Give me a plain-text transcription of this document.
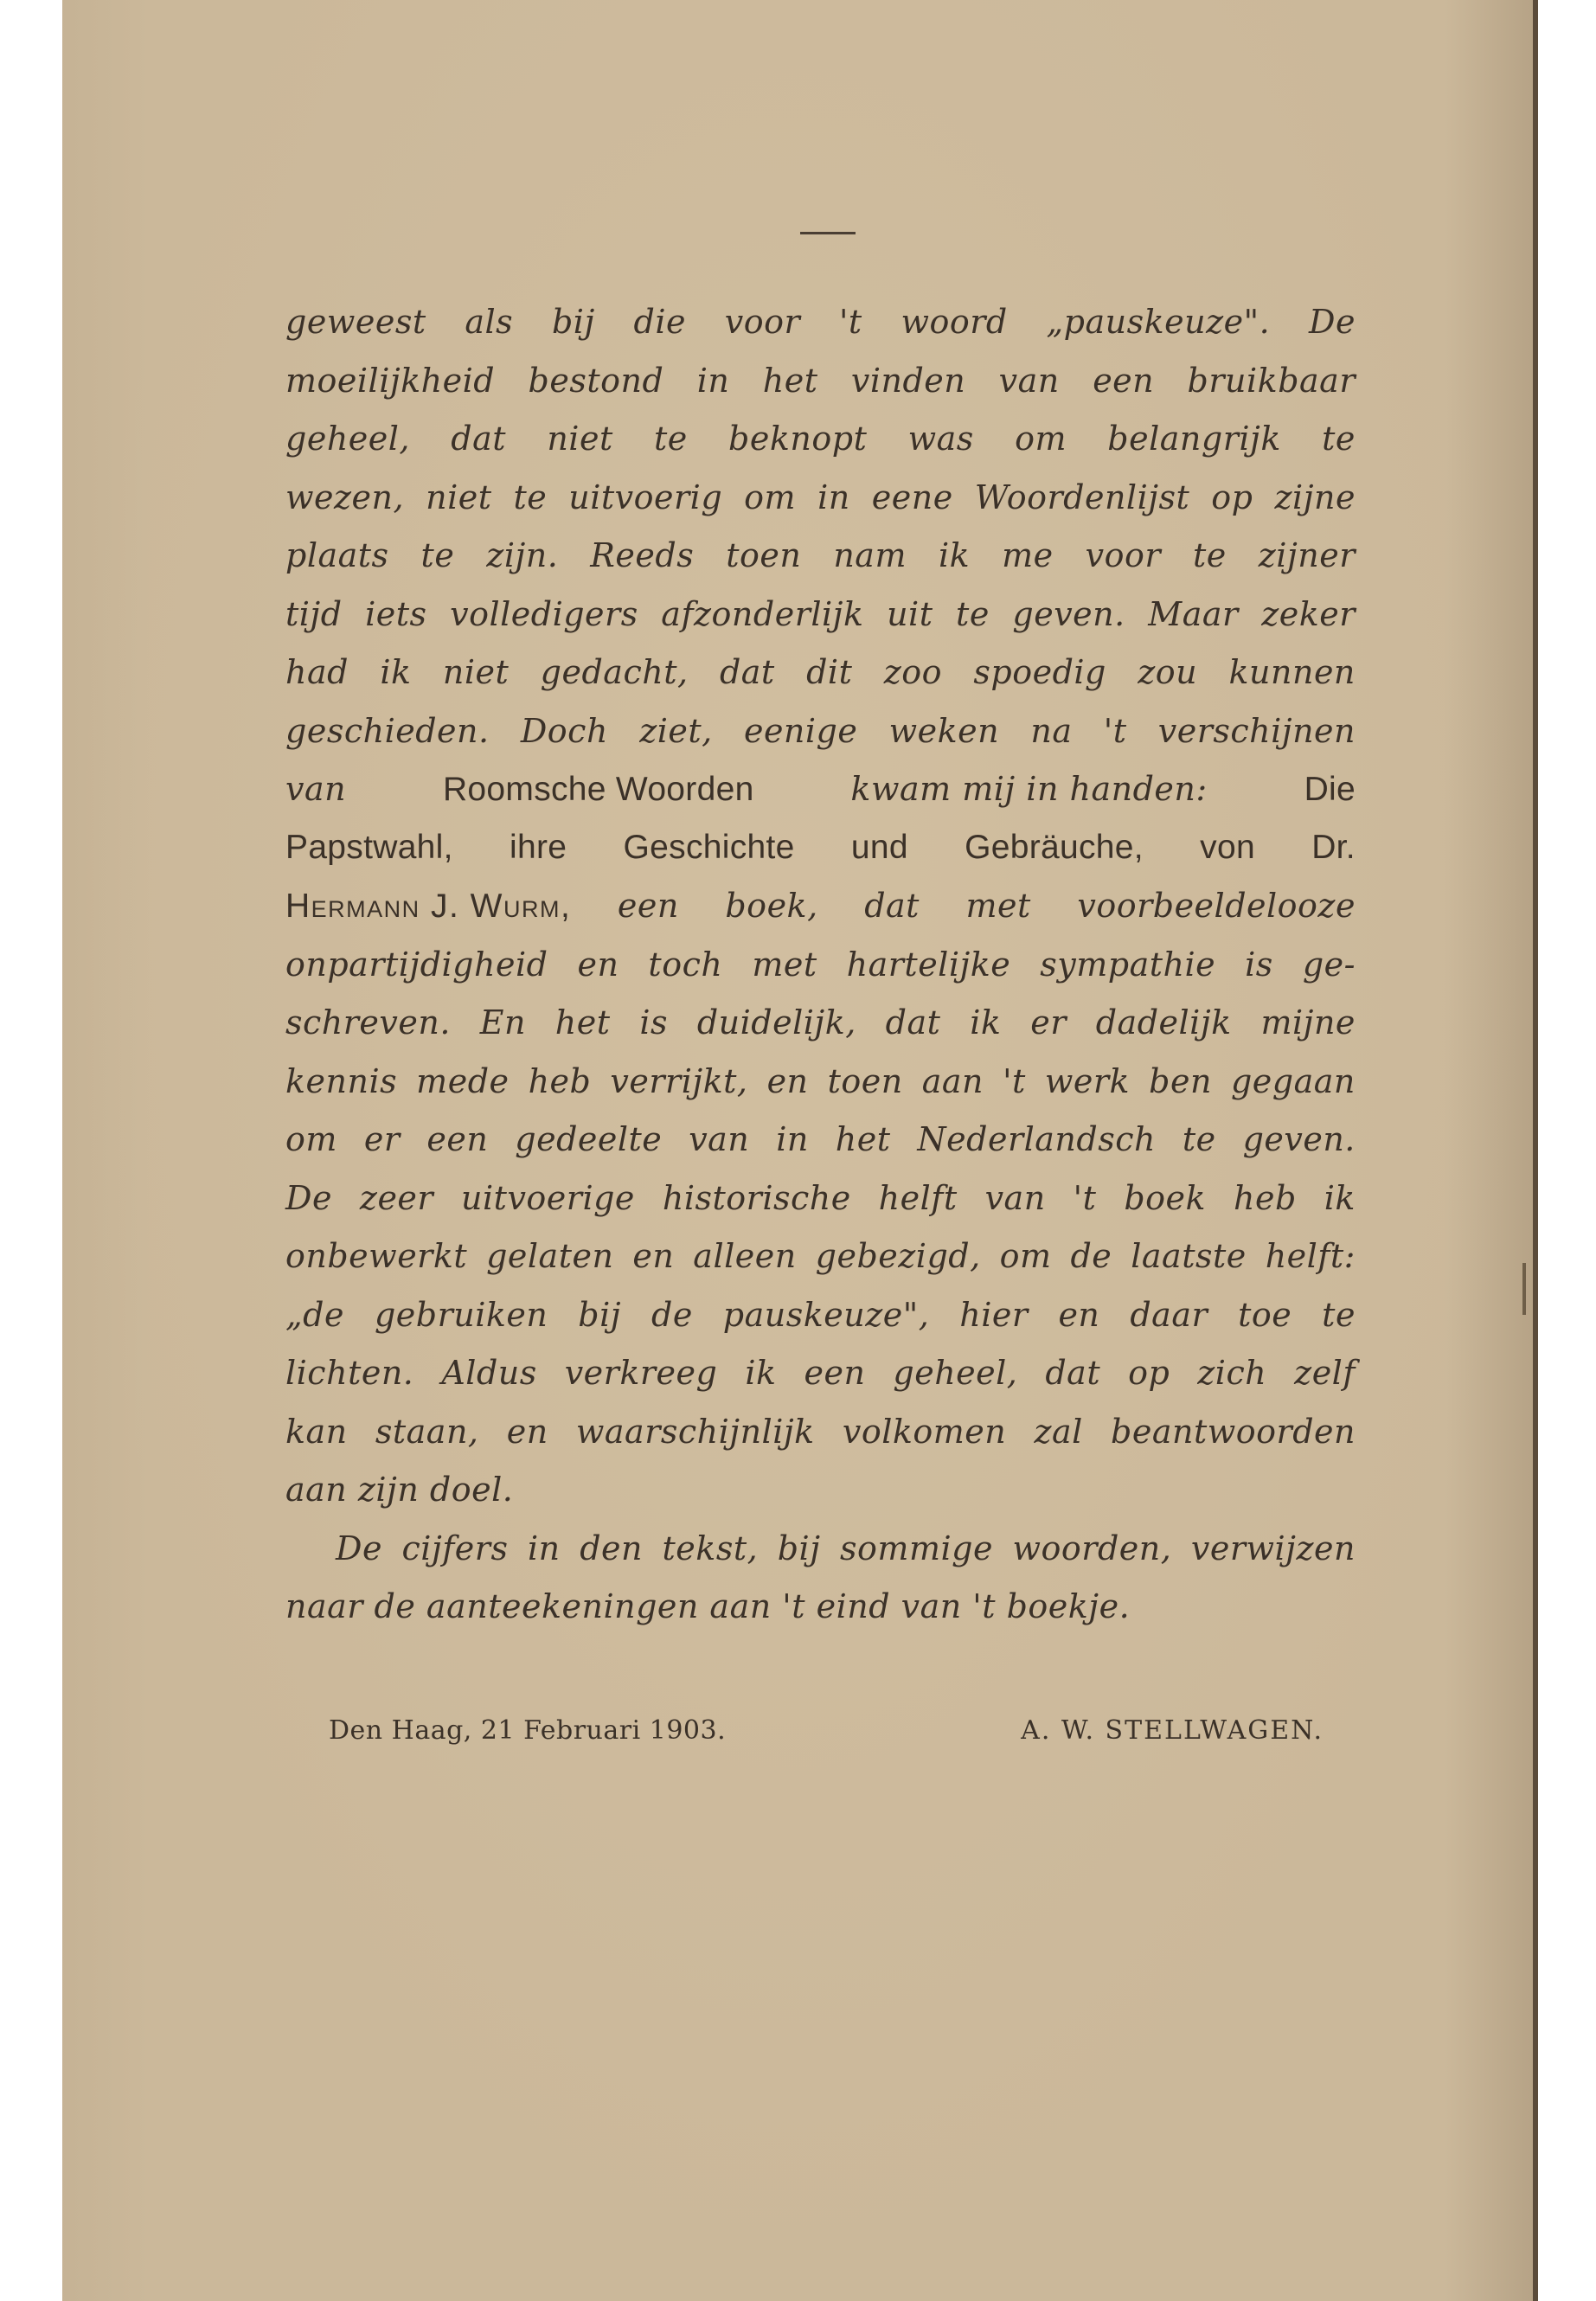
geweest als bij die voor 't woord „pauskeuze". De
moeilijkheid bestond in het vinden van een bruikbaar
geheel, dat niet te beknopt was om belangrijk te
wezen, niet te uitvoerig om in eene Woordenlijst op zijne
plaats te zijn. Reeds toen nam ik me voor te zijner
tijd iets volledigers afzonderlijk uit te geven. Maar zeker
had ik niet gedacht, dat dit zoo spoedig zou kunnen
geschieden. Doch ziet, eenige weken na 't verschijnen
van	Roomsche Woorden	kwam mij in handen:	Die
Papstwahl, ihre Geschichte und Gebräuche, von Dr.
Hermann J. Wurm, een boek, dat met voorbeeldelooze
onpartijdigheid en toch met hartelijke sympathie is ge-
schreven. En het is duidelijk, dat ik er dadelijk mijne
kennis mede heb verrijkt, en toen aan 't werk ben gegaan
om er een gedeelte van in het Nederlandsch te geven.
De zeer uitvoerige historische helft van 't boek heb ik
onbewerkt gelaten en alleen gebezigd, om de laatste helft:
„de gebruiken bij de pauskeuze", hier en daar toe te
lichten. Aldus verkreeg ik een geheel, dat op zich zelf
kan staan, en waarschijnlijk volkomen zal beantwoorden
aan zijn doel.
De cijfers in den tekst, bij sommige woorden, verwijzen
naar de aanteekeningen aan 't eind van 't boekje.
Den Haag, 21 Februari 1903.	A. W. STELLWAGEN.
